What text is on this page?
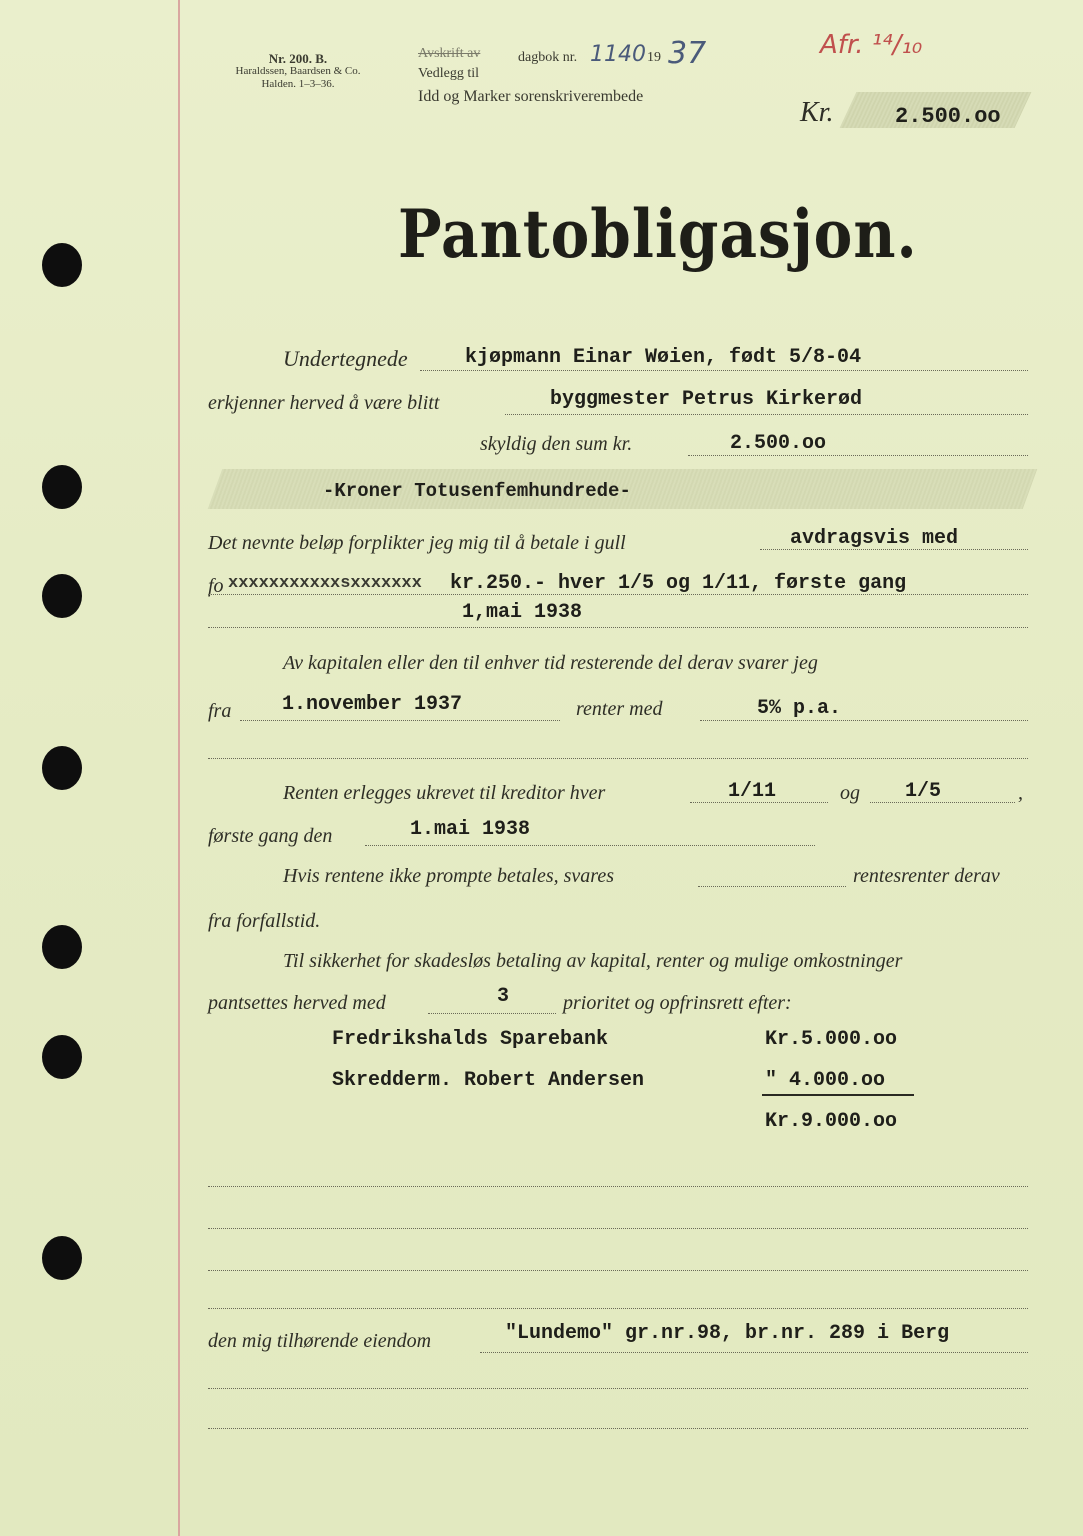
Nr. 200. B.
Haraldssen, Baardsen & Co.
Halden. 1–3–36.
Avskrift av	dagbok nr. 1140 19 37
Vedlegg til
Idd og Marker sorenskriverembede
Afr. ¹⁴/₁₀
Kr.	2.500.oo
Pantobligasjon.
Undertegnede	kjøpmann Einar Wøien, født 5/8-04
erkjenner herved å være blitt	byggmester Petrus Kirkerød
skyldig den sum kr.	2.500.oo
-Kroner Totusenfemhundrede-
Det nevnte beløp forplikter jeg mig til å betale i gull	avdragsvis med
fo xxxxxxxxxxxsxxxxxxx kr.250.- hver 1/5 og 1/11, første gang
1,mai 1938
Av kapitalen eller den til enhver tid resterende del derav svarer jeg
fra	1.november 1937	renter med	5% p.a.
Renten erlegges ukrevet til kreditor hver	1/11	og 1/5	,
første gang den	1.mai 1938
Hvis rentene ikke prompte betales, svares	rentesrenter derav
fra forfallstid.
Til sikkerhet for skadesløs betaling av kapital, renter og mulige omkostninger
pantsettes herved med	3	prioritet og opfrinsrett efter:
Fredrikshalds Sparebank	Kr.5.000.oo
Skredderm. Robert Andersen	" 4.000.oo
Kr.9.000.oo
den mig tilhørende eiendom	"Lundemo" gr.nr.98, br.nr. 289 i Berg
